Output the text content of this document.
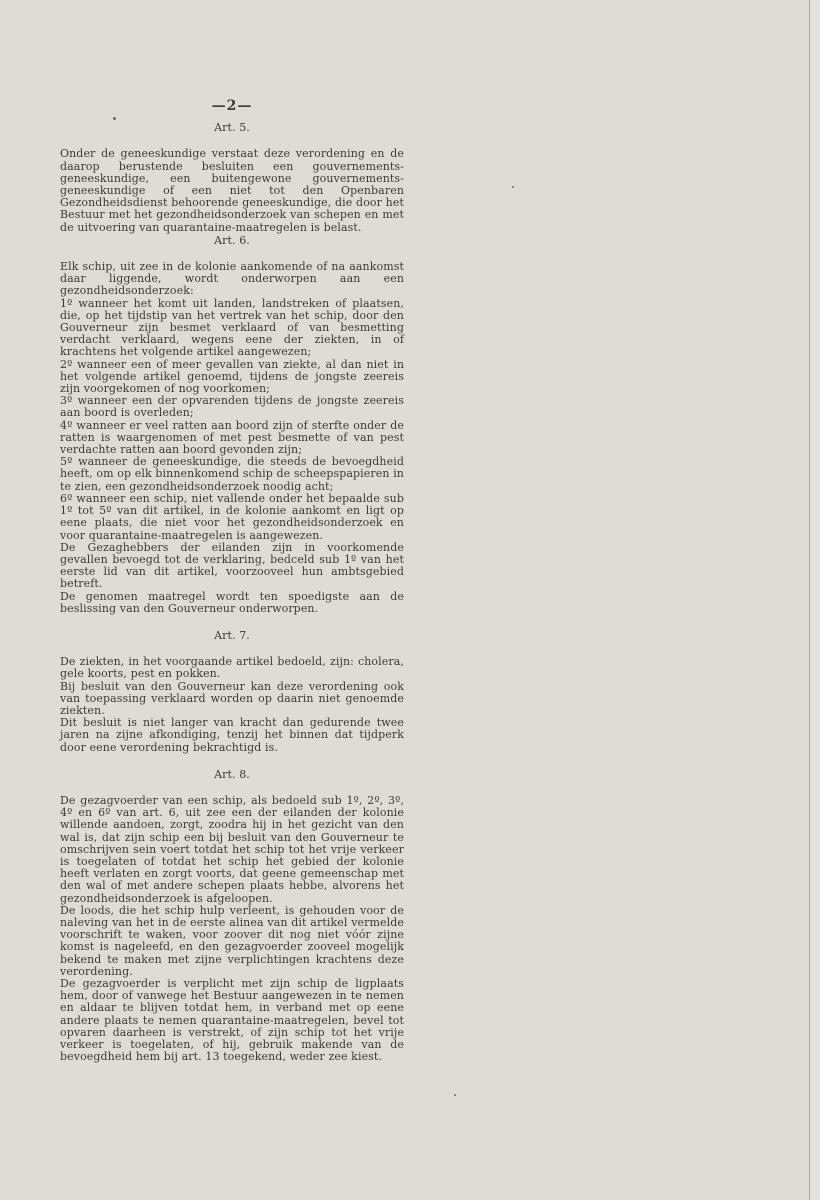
—2—
Art. 5.

Onder de geneeskundige verstaat deze verordening en de daarop berustende besluiten een gouvernements-geneeskundige, een buitengewone gouvernements-geneeskundige of een niet tot den Openbaren Gezondheidsdienst behoorende geneeskundige, die door het Bestuur met het gezondheidsonderzoek van schepen en met de uitvoering van quarantaine-maatregelen is belast.

Art. 6.

Elk schip, uit zee in de kolonie aankomende of na aankomst daar liggende, wordt onderworpen aan een gezondheidsonderzoek:

1º wanneer het komt uit landen, landstreken of plaatsen, die, op het tijdstip van het vertrek van het schip, door den Gouverneur zijn besmet verklaard of van besmetting verdacht verklaard, wegens eene der ziekten, in of krachtens het volgende artikel aangewezen;

2º wanneer een of meer gevallen van ziekte, al dan niet in het volgende artikel genoemd, tijdens de jongste zeereis zijn voorgekomen of nog voorkomen;

3º wanneer een der opvarenden tijdens de jongste zeereis aan boord is overleden;

4º wanneer er veel ratten aan boord zijn of sterfte onder de ratten is waargenomen of met pest besmette of van pest verdachte ratten aan boord gevonden zijn;

5º wanneer de geneeskundige, die steeds de bevoegdheid heeft, om op elk binnenkomend schip de scheepspapieren in te zien, een gezondheidsonderzoek noodig acht;

6º wanneer een schip, niet vallende onder het bepaalde sub 1º tot 5º van dit artikel, in de kolonie aankomt en ligt op eene plaats, die niet voor het gezondheidsonderzoek en voor quarantaine-maatregelen is aangewezen.

De Gezaghebbers der eilanden zijn in voorkomende gevallen bevoegd tot de verklaring, bedceld sub 1º van het eerste lid van dit artikel, voorzooveel hun ambtsgebied betreft.

De genomen maatregel wordt ten spoedigste aan de beslissing van den Gouverneur onderworpen.

Art. 7.

De ziekten, in het voorgaande artikel bedoeld, zijn: cholera, gele koorts, pest en pokken.

Bij besluit van den Gouverneur kan deze verordening ook van toepassing verklaard worden op daarin niet genoemde ziekten.

Dit besluit is niet langer van kracht dan gedurende twee jaren na zijne afkondiging, tenzij het binnen dat tijdperk door eene verordening bekrachtigd is.

Art. 8.

De gezagvoerder van een schip, als bedoeld sub 1º, 2º, 3º, 4º en 6º van art. 6, uit zee een der eilanden der kolonie willende aandoen, zorgt, zoodra hij in het gezicht van den wal is, dat zijn schip een bij besluit van den Gouverneur te omschrijven sein voert totdat het schip tot het vrije verkeer is toegelaten of totdat het schip het gebied der kolonie heeft verlaten en zorgt voorts, dat geene gemeenschap met den wal of met andere schepen plaats hebbe, alvorens het gezondheidsonderzoek is afgeloopen.

De loods, die het schip hulp verleent, is gehouden voor de naleving van het in de eerste alinea van dit artikel vermelde voorschrift te waken, voor zoover dit nog niet vóór zijne komst is nageleefd, en den gezagvoerder zooveel mogelijk bekend te maken met zijne verplichtingen krachtens deze verordening.

De gezagvoerder is verplicht met zijn schip de ligplaats hem, door of vanwege het Bestuur aangewezen in te nemen en aldaar te blijven totdat hem, in verband met op eene andere plaats te nemen quarantaine-maatregelen, bevel tot opvaren daarheen is verstrekt, of zijn schip tot het vrije verkeer is toegelaten, of hij, gebruik makende van de bevoegdheid hem bij art. 13 toegekend, weder zee kiest.
